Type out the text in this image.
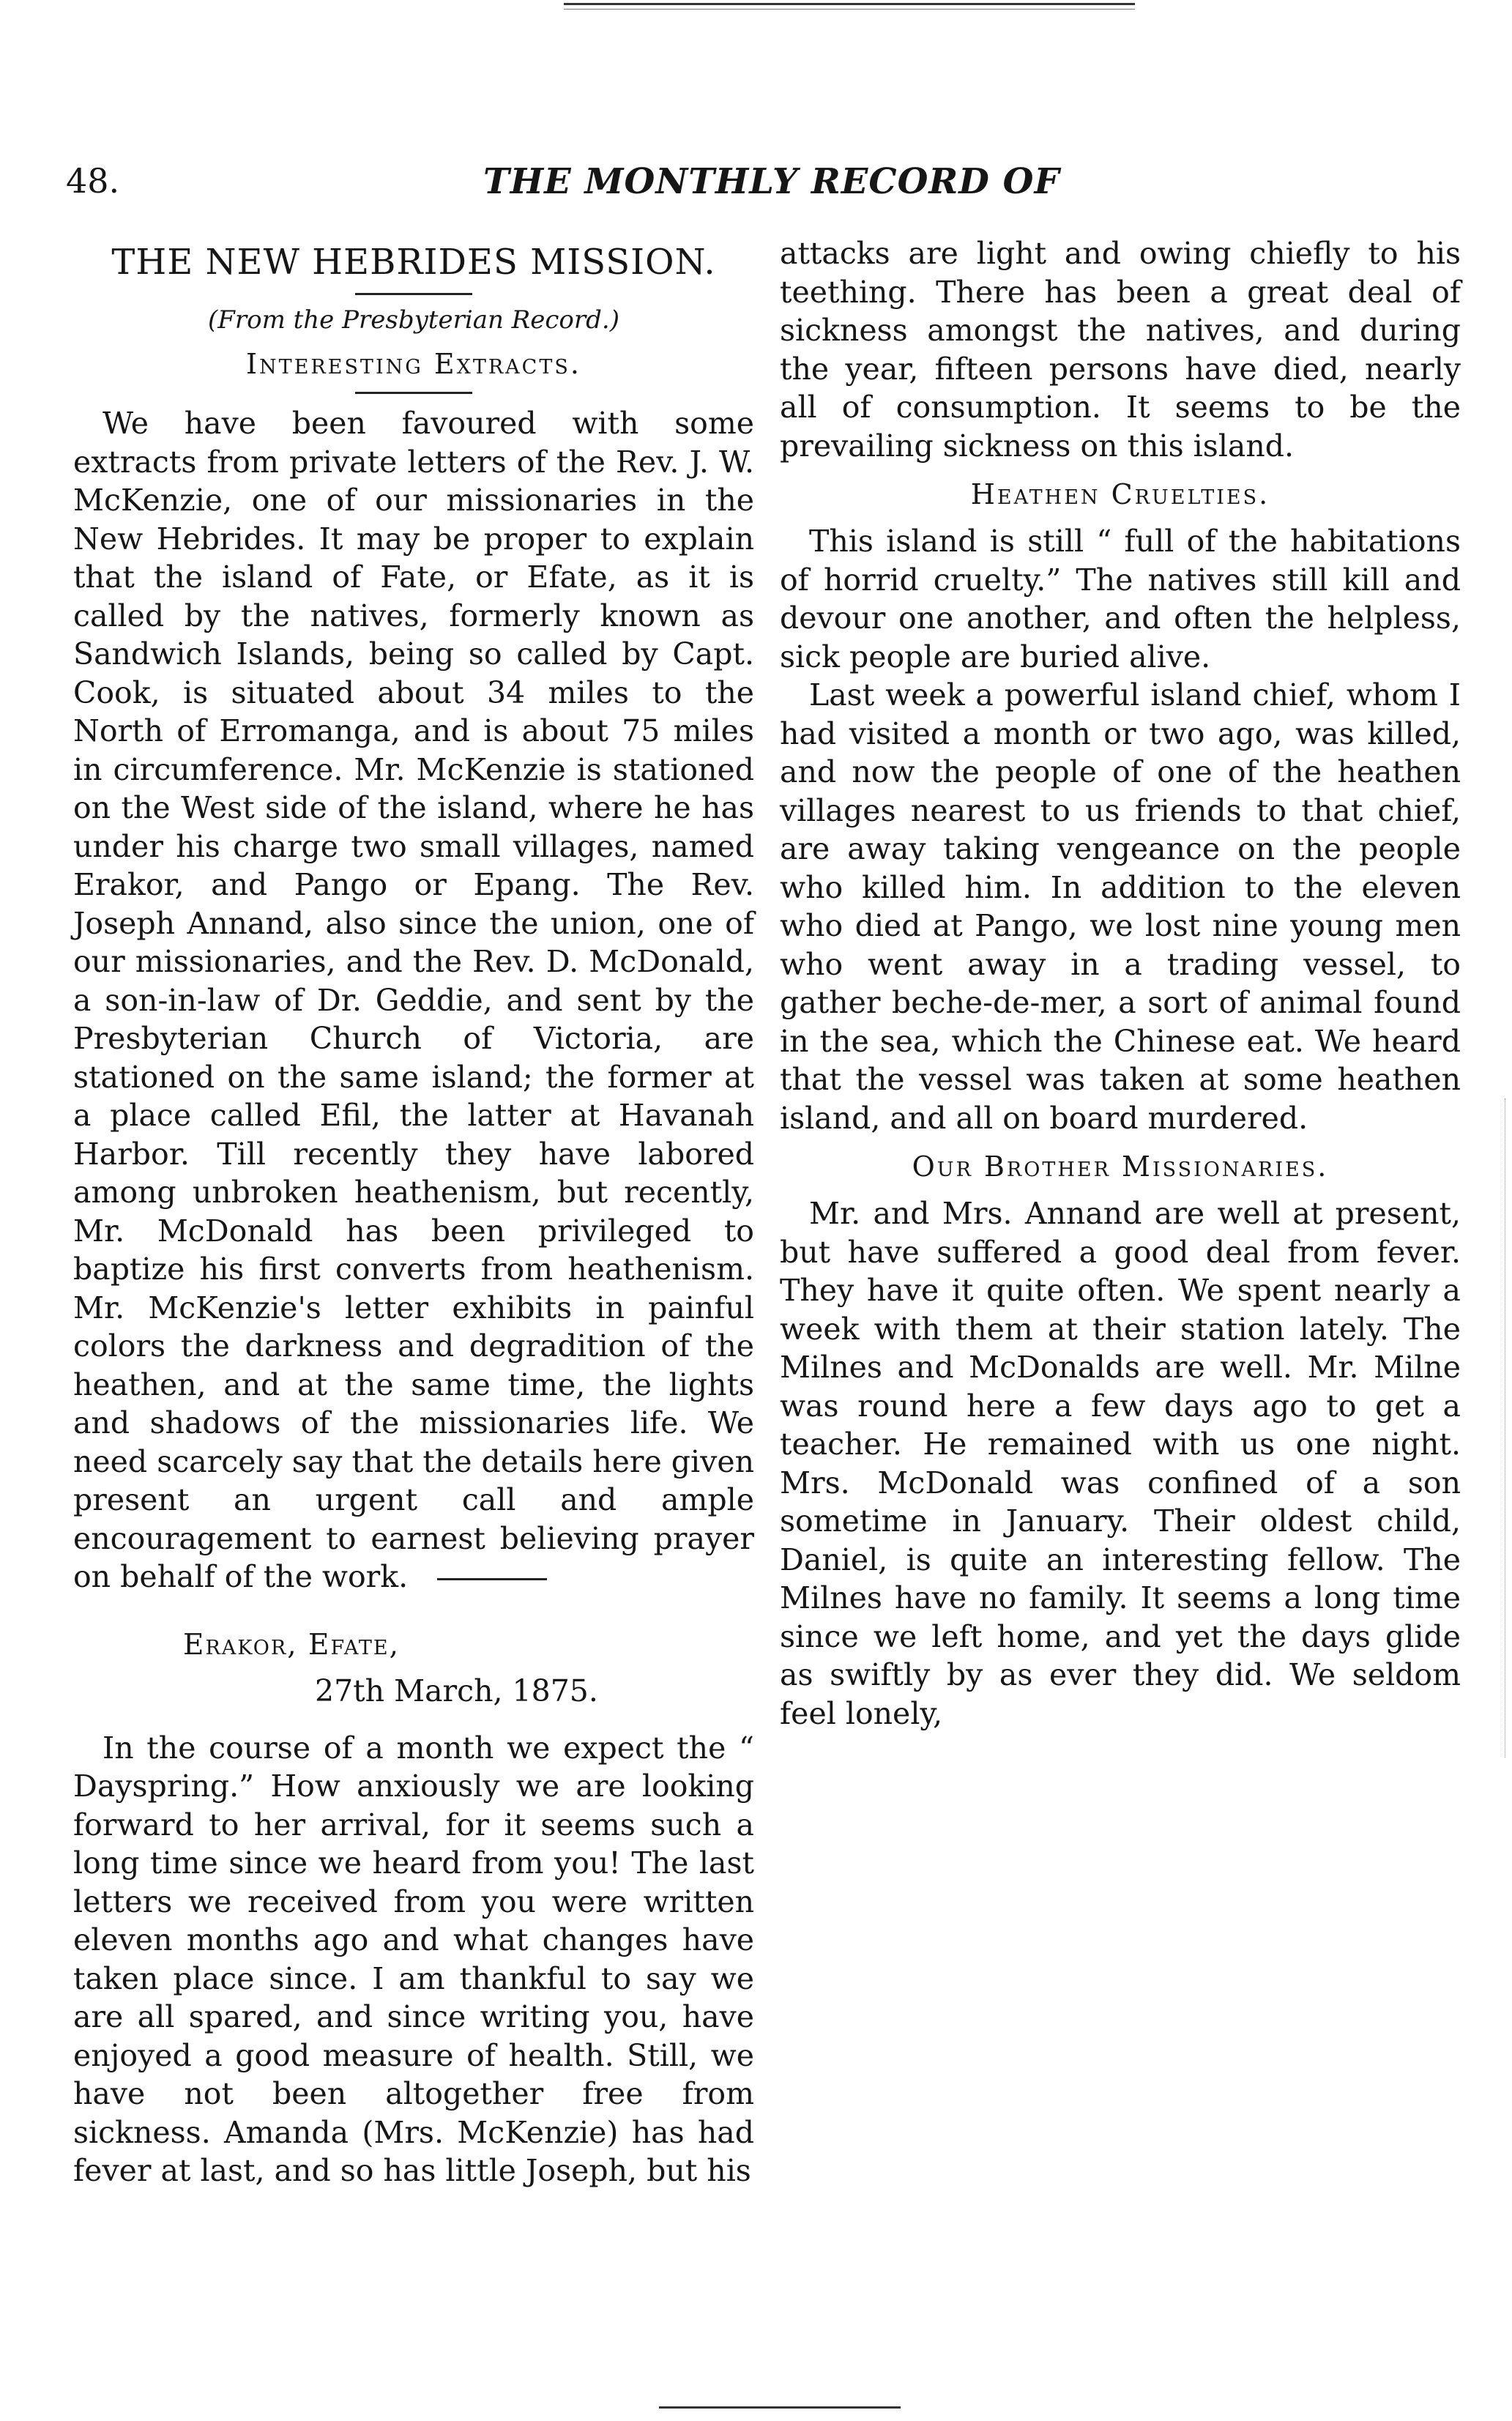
48.	THE MONTHLY RECORD OF
THE NEW HEBRIDES MISSION.
(From the Presbyterian Record.)
Interesting Extracts.

We have been favoured with some extracts from private letters of the Rev. J. W. McKenzie, one of our missionaries in the New Hebrides. It may be proper to explain that the island of Fate, or Efate, as it is called by the natives, formerly known as Sandwich Islands, being so called by Capt. Cook, is situated about 34 miles to the North of Erromanga, and is about 75 miles in circumference. Mr. McKenzie is stationed on the West side of the island, where he has under his charge two small villages, named Erakor, and Pango or Epang. The Rev. Joseph Annand, also since the union, one of our missionaries, and the Rev. D. McDonald, a son-in-law of Dr. Geddie, and sent by the Presbyterian Church of Victoria, are stationed on the same island; the former at a place called Efil, the latter at Havanah Harbor. Till recently they have labored among unbroken heathenism, but recently, Mr. McDonald has been privileged to baptize his first converts from heathenism. Mr. McKenzie's letter exhibits in painful colors the darkness and degradition of the heathen, and at the same time, the lights and shadows of the missionaries life. We need scarcely say that the details here given present an urgent call and ample encouragement to earnest believing prayer on behalf of the work.

Erakor, Efate,
27th March, 1875.

In the course of a month we expect the “ Dayspring.” How anxiously we are looking forward to her arrival, for it seems such a long time since we heard from you! The last letters we received from you were written eleven months ago and what changes have taken place since. I am thankful to say we are all spared, and since writing you, have enjoyed a good measure of health. Still, we have not been altogether free from sickness. Amanda (Mrs. McKenzie) has had fever at last, and so has little Joseph, but his

attacks are light and owing chiefly to his teething. There has been a great deal of sickness amongst the natives, and during the year, fifteen persons have died, nearly all of consumption. It seems to be the prevailing sickness on this island.

Heathen Cruelties.

This island is still “ full of the habitations of horrid cruelty.” The natives still kill and devour one another, and often the helpless, sick people are buried alive.

Last week a powerful island chief, whom I had visited a month or two ago, was killed, and now the people of one of the heathen villages nearest to us friends to that chief, are away taking vengeance on the people who killed him. In addition to the eleven who died at Pango, we lost nine young men who went away in a trading vessel, to gather beche-de-mer, a sort of animal found in the sea, which the Chinese eat. We heard that the vessel was taken at some heathen island, and all on board murdered.

Our Brother Missionaries.

Mr. and Mrs. Annand are well at present, but have suffered a good deal from fever. They have it quite often. We spent nearly a week with them at their station lately. The Milnes and McDonalds are well. Mr. Milne was round here a few days ago to get a teacher. He remained with us one night. Mrs. McDonald was confined of a son sometime in January. Their oldest child, Daniel, is quite an interesting fellow. The Milnes have no family. It seems a long time since we left home, and yet the days glide as swiftly by as ever they did. We seldom feel lonely,
